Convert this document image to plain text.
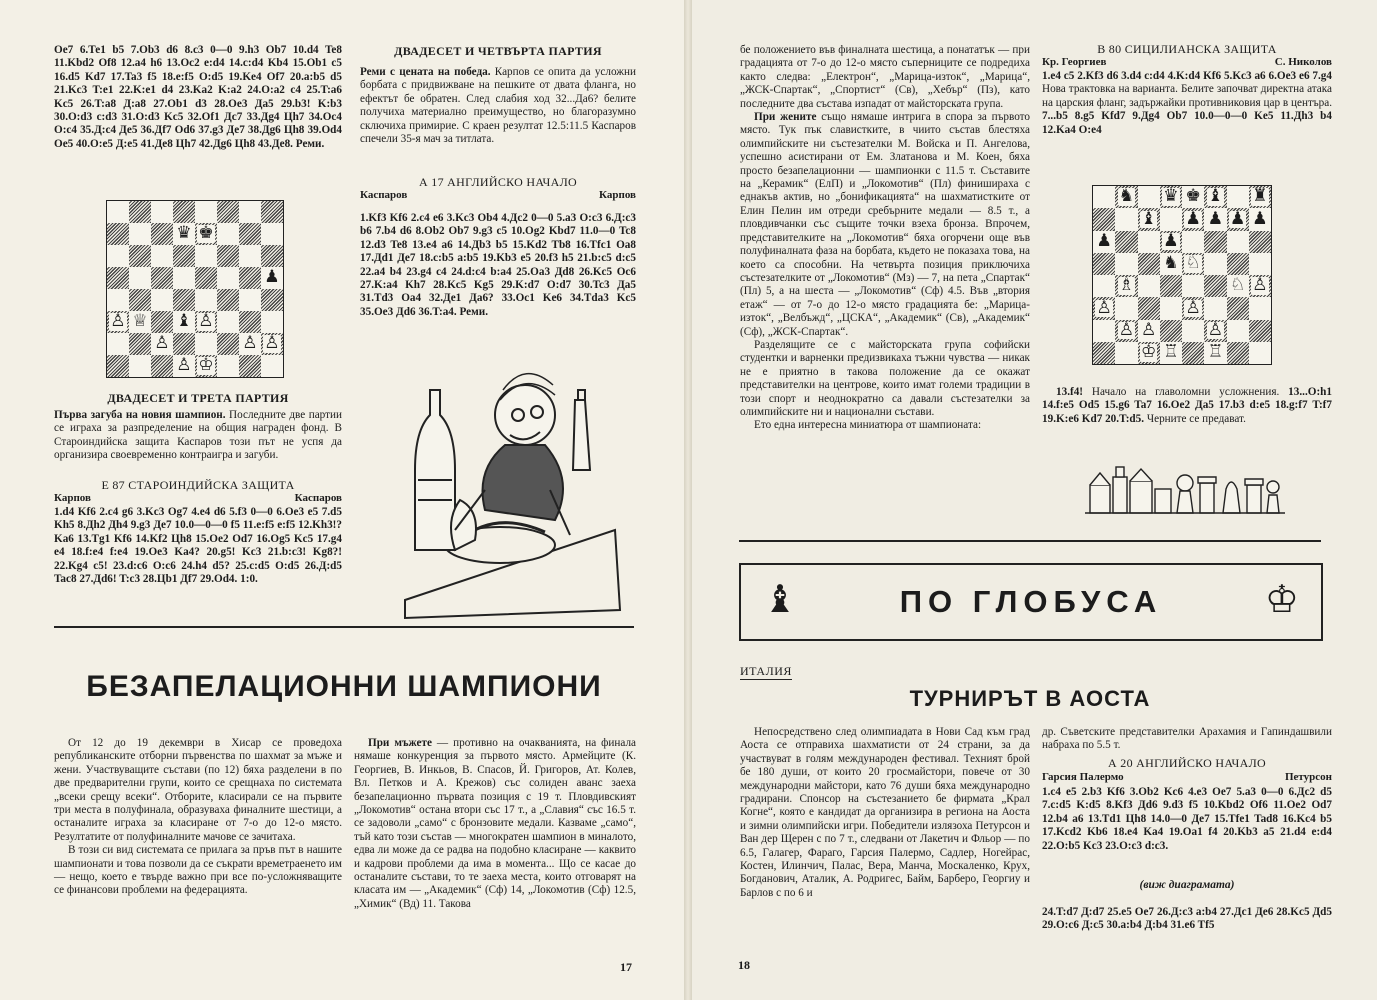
Ое7 6.Те1 b5 7.Ob3 d6 8.c3 0—0 9.h3 Ob7 10.d4 Te8 11.Kbd2 Of8 12.a4 h6 13.Oc2 e:d4 14.c:d4 Kb4 15.Ob1 c5 16.d5 Kd7 17.Ta3 f5 18.e:f5 O:d5 19.Ke4 Of7 20.a:b5 d5 21.Kc3 T:e1 22.K:e1 d4 23.Ka2 K:a2 24.O:a2 c4 25.T:a6 Kc5 26.T:a8 Д:a8 27.Ob1 d3 28.Oe3 Дa5 29.b3! K:b3 30.O:d3 c:d3 31.O:d3 Kc5 32.Of1 Дc7 33.Дg4 Цh7 34.Oc4 O:c4 35.Д:c4 Дe5 36.Дf7 Od6 37.g3 Дe7 38.Дg6 Цh8 39.Od4 Oe5 40.O:e5 Д:e5 41.Дe8 Цh7 42.Дg6 Цh8 43.Дe8. Реми.
♛ ♚
♟
♙ ♕ ♝ ♙
♙	♙ ♙
♙ ♔
ДВАДЕСЕТ И ТРЕТА ПАРТИЯ

Първа загуба на новия шампион. Последните две партии се играха за разпределение на общия награден фонд. В Староиндийска защита Каспаров този път не успя да организира своевременно контраигра и загуби.

Е 87 СТАРОИНДИЙСКА ЗАЩИТА
Карпов	Каспаров
1.d4 Kf6 2.c4 g6 3.Kc3 Og7 4.e4 d6 5.f3 0—0 6.Oe3 e5 7.d5 Kh5 8.Дh2 Дh4 9.g3 Дe7 10.0—0—0 f5 11.e:f5 e:f5 12.Kh3!? Ka6 13.Tg1 Kf6 14.Kf2 Цh8 15.Oe2 Od7 16.Og5 Kc5 17.g4 e4 18.f:e4 f:e4 19.Oe3 Ka4? 20.g5! Kc3 21.b:c3! Kg8?! 22.Kg4 c5! 23.d:c6 O:c6 24.h4 d5? 25.c:d5 O:d5 26.Д:d5 Tac8 27.Дd6! T:c3 28.Цb1 Дf7 29.Od4. 1:0.
ДВАДЕСЕТ И ЧЕТВЪРТА ПАРТИЯ

Реми с цената на победа. Карпов се опита да усложни борбата с придвижване на пешките от двата фланга, но ефектът бе обратен. След слабия ход 32...Дa6? белите получиха материално преимущество, но благоразумно сключиха примирие. С краен резултат 12.5:11.5 Каспаров спечели 35-я мач за титлата.

А 17 АНГЛИЙСКО НАЧАЛО
Каспаров	Карпов
1.Kf3 Kf6 2.c4 e6 3.Kc3 Ob4 4.Дc2 0—0 5.a3 O:c3 6.Д:c3 b6 7.b4 d6 8.Ob2 Ob7 9.g3 c5 10.Og2 Kbd7 11.0—0 Tc8 12.d3 Te8 13.e4 a6 14.Дb3 b5 15.Kd2 Tb8 16.Tfc1 Oa8 17.Дd1 Дe7 18.c:b5 a:b5 19.Kb3 e5 20.f3 h5 21.b:c5 d:c5 22.a4 b4 23.g4 c4 24.d:c4 b:a4 25.Oa3 Дd8 26.Kc5 Oc6 27.K:a4 Kh7 28.Kc5 Kg5 29.K:d7 O:d7 30.Tc3 Дa5 31.Td3 Oa4 32.Дe1 Дa6? 33.Oc1 Ke6 34.Tda3 Kc5 35.Oe3 Дd6 36.T:a4. Реми.
БЕЗАПЕЛАЦИОННИ ШАМПИОНИ

От 12 до 19 декември в Хисар се проведоха републиканските отборни първенства по шахмат за мъже и жени. Участвуващите състави (по 12) бяха разделени в по две предварителни групи, които се срещнаха по системата „всеки срещу всеки“. Отборите, класирали се на първите три места в полуфинала, образуваха финалните шестици, а останалите играха за класиране от 7-о до 12-о място. Резултатите от полуфиналните мачове се зачитаха.

В този си вид системата се прилага за пръв път в нашите шампионати и това позволи да се съкрати времетраенето им — нещо, което е твърде важно при все по-усложняващите се финансови проблеми на федерацията.

При мъжете — противно на очакванията, на финала нямаше конкуренция за първото място. Армейците (К. Георгиев, В. Инкьов, В. Спасов, Й. Григоров, Ат. Колев, Вл. Петков и А. Крежов) със солиден аванс заеха безапелационно първата позиция с 19 т. Пловдивският „Локомотив“ остана втори със 17 т., а „Славия“ със 16.5 т. се задоволи „само“ с бронзовите медали. Казваме „само“, тъй като този състав — многократен шампион в миналото, едва ли може да се радва на подобно класиране — каквито и кадрови проблеми да има в момента... Що се касае до останалите състави, то те заеха места, които отговарят на класата им — „Академик“ (Сф) 14, „Локомотив (Сф) 12.5, „Химик“ (Вд) 11. Такова

17

бе положението във финалната шестица, а понататък — при градацията от 7-о до 12-о място съперниците се подредиха както следва: „Електрон“, „Марица-изток“, „Марица“, „ЖСК-Спартак“, „Спортист“ (Св), „Хебър“ (Пз), като последните два състава изпадат от майсторската група.

При жените също нямаше интрига в спора за първото място. Тук пък славистките, в чиито състав блестяха олимпийските ни състезателки М. Войска и П. Ангелова, успешно асистирани от Ем. Златанова и М. Коен, бяха просто безапелационни — шампионки с 11.5 т. Съставите на „Керамик“ (ЕлП) и „Локомотив“ (Пл) финишираха с еднакъв актив, но „бонификацията“ на шахматистките от Елин Пелин им отреди сребърните медали — 8.5 т., а пловдивчанки със същите точки взеха бронза. Впрочем, представителките на „Локомотив“ бяха огорчени още във полуфиналната фаза на борбата, където не показаха това, на което са способни. На четвърта позиция приключиха състезателките от „Локомотив“ (Мз) — 7, на пета „Спартак“ (Пл) 5, а на шеста — „Локомотив“ (Сф) 4.5. Във „втория етаж“ — от 7-о до 12-о място градацията бе: „Марица-изток“, „Велбъжд“, „ЦСКА“, „Академик“ (Св), „Академик“ (Сф), „ЖСК-Спартак“.

Разделящите се с майсторската група софийски студентки и варненки предизвикаха тъжни чувства — никак не е приятно в такова положение да се окажат представителки на центрове, които имат големи традиции в този спорт и неоднократно са давали състезателки за олимпийските ни и национални състави.

Ето една интересна миниатюра от шампионата:

В 80 СИЦИЛИАНСКА ЗАЩИТА
Кр. Георгиев	С. Николов

1.e4 c5 2.Kf3 d6 3.d4 c:d4 4.K:d4 Kf6 5.Kc3 a6 6.Oe3 e6 7.g4 Нова трактовка на варианта. Белите започват директна атака на царския фланг, задържайки противниковия цар в центъра. 7...b5 8.g5 Kfd7 9.Дg4 Ob7 10.0—0—0 Ke5 11.Дh3 b4 12.Ka4 O:e4

♞ ♛ ♚ ♝ ♜
♝ ♟ ♟ ♟ ♟
♟	♟
♞ ♘
♗	♘ ♙
♙	♙
♙ ♙	♙
♔ ♖ ♖

13.f4! Начало на главоломни усложнения. 13...O:h1 14.f:e5 Od5 15.g6 Ta7 16.Oe2 Дa5 17.b3 d:e5 18.g:f7 T:f7 19.K:e6 Kd7 20.T:d5. Черните се предават.

♝	ПО ГЛОБУСА	♔
ИТАЛИЯ
ТУРНИРЪТ В АОСТА

Непосредствено след олимпиадата в Нови Сад към град Аоста се отправиха шахматисти от 24 страни, за да участвуват в голям международен фестивал. Техният брой бе 180 души, от които 20 гросмайстори, повече от 30 международни майстори, като 76 души бяха международно градирани. Спонсор на състезанието бе фирмата „Крал Когне“, която е кандидат да организира в региона на Аоста и зимни олимпийски игри. Победители излязоха Петурсон и Ван дер Щерен с по 7 т., следвани от Лакетич и Фльор — по 6.5, Галагер, Фараго, Гарсия Палермо, Садлер, Ногейрас, Костен, Илинчич, Палас, Вера, Манча, Москаленко, Крух, Богданович, Аталик, А. Родригес, Байм, Барберо, Георгиу и Барлов с по 6 и

др. Съветските представителки Арахамия и Гапиндашвили набраха по 5.5 т.

А 20 АНГЛИЙСКО НАЧАЛО
Гарсия Палермо	Петурсон
1.c4 e5 2.b3 Kf6 3.Ob2 Kc6 4.e3 Oe7 5.a3 0—0 6.Дc2 d5 7.c:d5 K:d5 8.Kf3 Дd6 9.d3 f5 10.Kbd2 Of6 11.Oe2 Od7 12.b4 a6 13.Td1 Цh8 14.0—0 Дe7 15.Tfe1 Tad8 16.Kc4 b5 17.Kcd2 Kb6 18.e4 Ka4 19.Oa1 f4 20.Kb3 a5 21.d4 e:d4 22.O:b5 Kc3 23.O:c3 d:c3.
(виж диаграмата)
24.T:d7 Д:d7 25.e5 Oe7 26.Д:c3 a:b4 27.Дc1 Дe6 28.Kc5 Дd5 29.O:c6 Д:c5 30.a:b4 Д:b4 31.e6 Tf5
18
